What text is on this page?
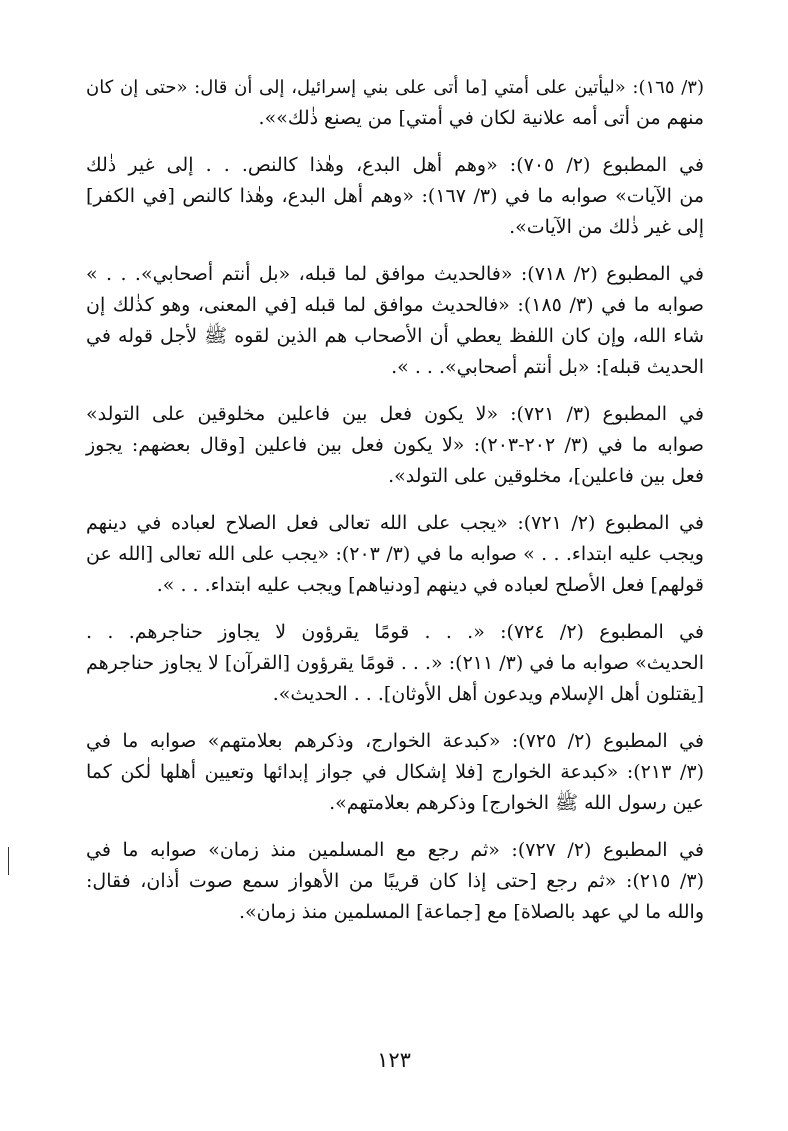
(٣/ ١٦٥): «ليأتين على أمتي [ما أتى على بني إسرائيل، إلى أن قال: «حتى إن كان
منهم من أتى أمه علانية لكان في أمتي] من يصنع ذٰلك»».

في المطبوع (٢/ ٧٠٥): «وهم أهل البدع، وهٰذا كالنص. . . إلى غير ذٰلك
من الآيات» صوابه ما في (٣/ ١٦٧): «وهم أهل البدع، وهٰذا كالنص [في الكفر]
إلى غير ذٰلك من الآيات».

في المطبوع (٢/ ٧١٨): «فالحديث موافق لما قبله، «بل أنتم أصحابي». . . »
صوابه ما في (٣/ ١٨٥): «فالحديث موافق لما قبله [في المعنى، وهو كذٰلك إن
شاء الله، وإن كان اللفظ يعطي أن الأصحاب هم الذين لقوه ﷺ لأجل قوله في
الحديث قبله]: «بل أنتم أصحابي». . . ».

في المطبوع (٣/ ٧٢١): «لا يكون فعل بين فاعلين مخلوقين على التولد»
صوابه ما في (٣/ ٢٠٢-٢٠٣): «لا يكون فعل بين فاعلين [وقال بعضهم: يجوز
فعل بين فاعلين]، مخلوقين على التولد».

في المطبوع (٢/ ٧٢١): «يجب على الله تعالى فعل الصلاح لعباده في دينهم
ويجب عليه ابتداء. . . » صوابه ما في (٣/ ٢٠٣): «يجب على الله تعالى [الله عن
قولهم] فعل الأصلح لعباده في دينهم [ودنياهم] ويجب عليه ابتداء. . . ».

في المطبوع (٢/ ٧٢٤): «. . . قومًا يقرؤون لا يجاوز حناجرهم. . .
الحديث» صوابه ما في (٣/ ٢١١): «. . . قومًا يقرؤون [القرآن] لا يجاوز حناجرهم
[يقتلون أهل الإسلام ويدعون أهل الأوثان]. . . الحديث».

في المطبوع (٢/ ٧٢٥): «كبدعة الخوارج، وذكرهم بعلامتهم» صوابه ما في
(٣/ ٢١٣): «كبدعة الخوارج [فلا إشكال في جواز إبدائها وتعيين أهلها لٰكن كما
عين رسول الله ﷺ الخوارج] وذكرهم بعلامتهم».

في المطبوع (٢/ ٧٢٧): «ثم رجع مع المسلمين منذ زمان» صوابه ما في
(٣/ ٢١٥): «ثم رجع [حتى إذا كان قريبًا من الأهواز سمع صوت أذان، فقال:
والله ما لي عهد بالصلاة] مع [جماعة] المسلمين منذ زمان».

١٢٣
